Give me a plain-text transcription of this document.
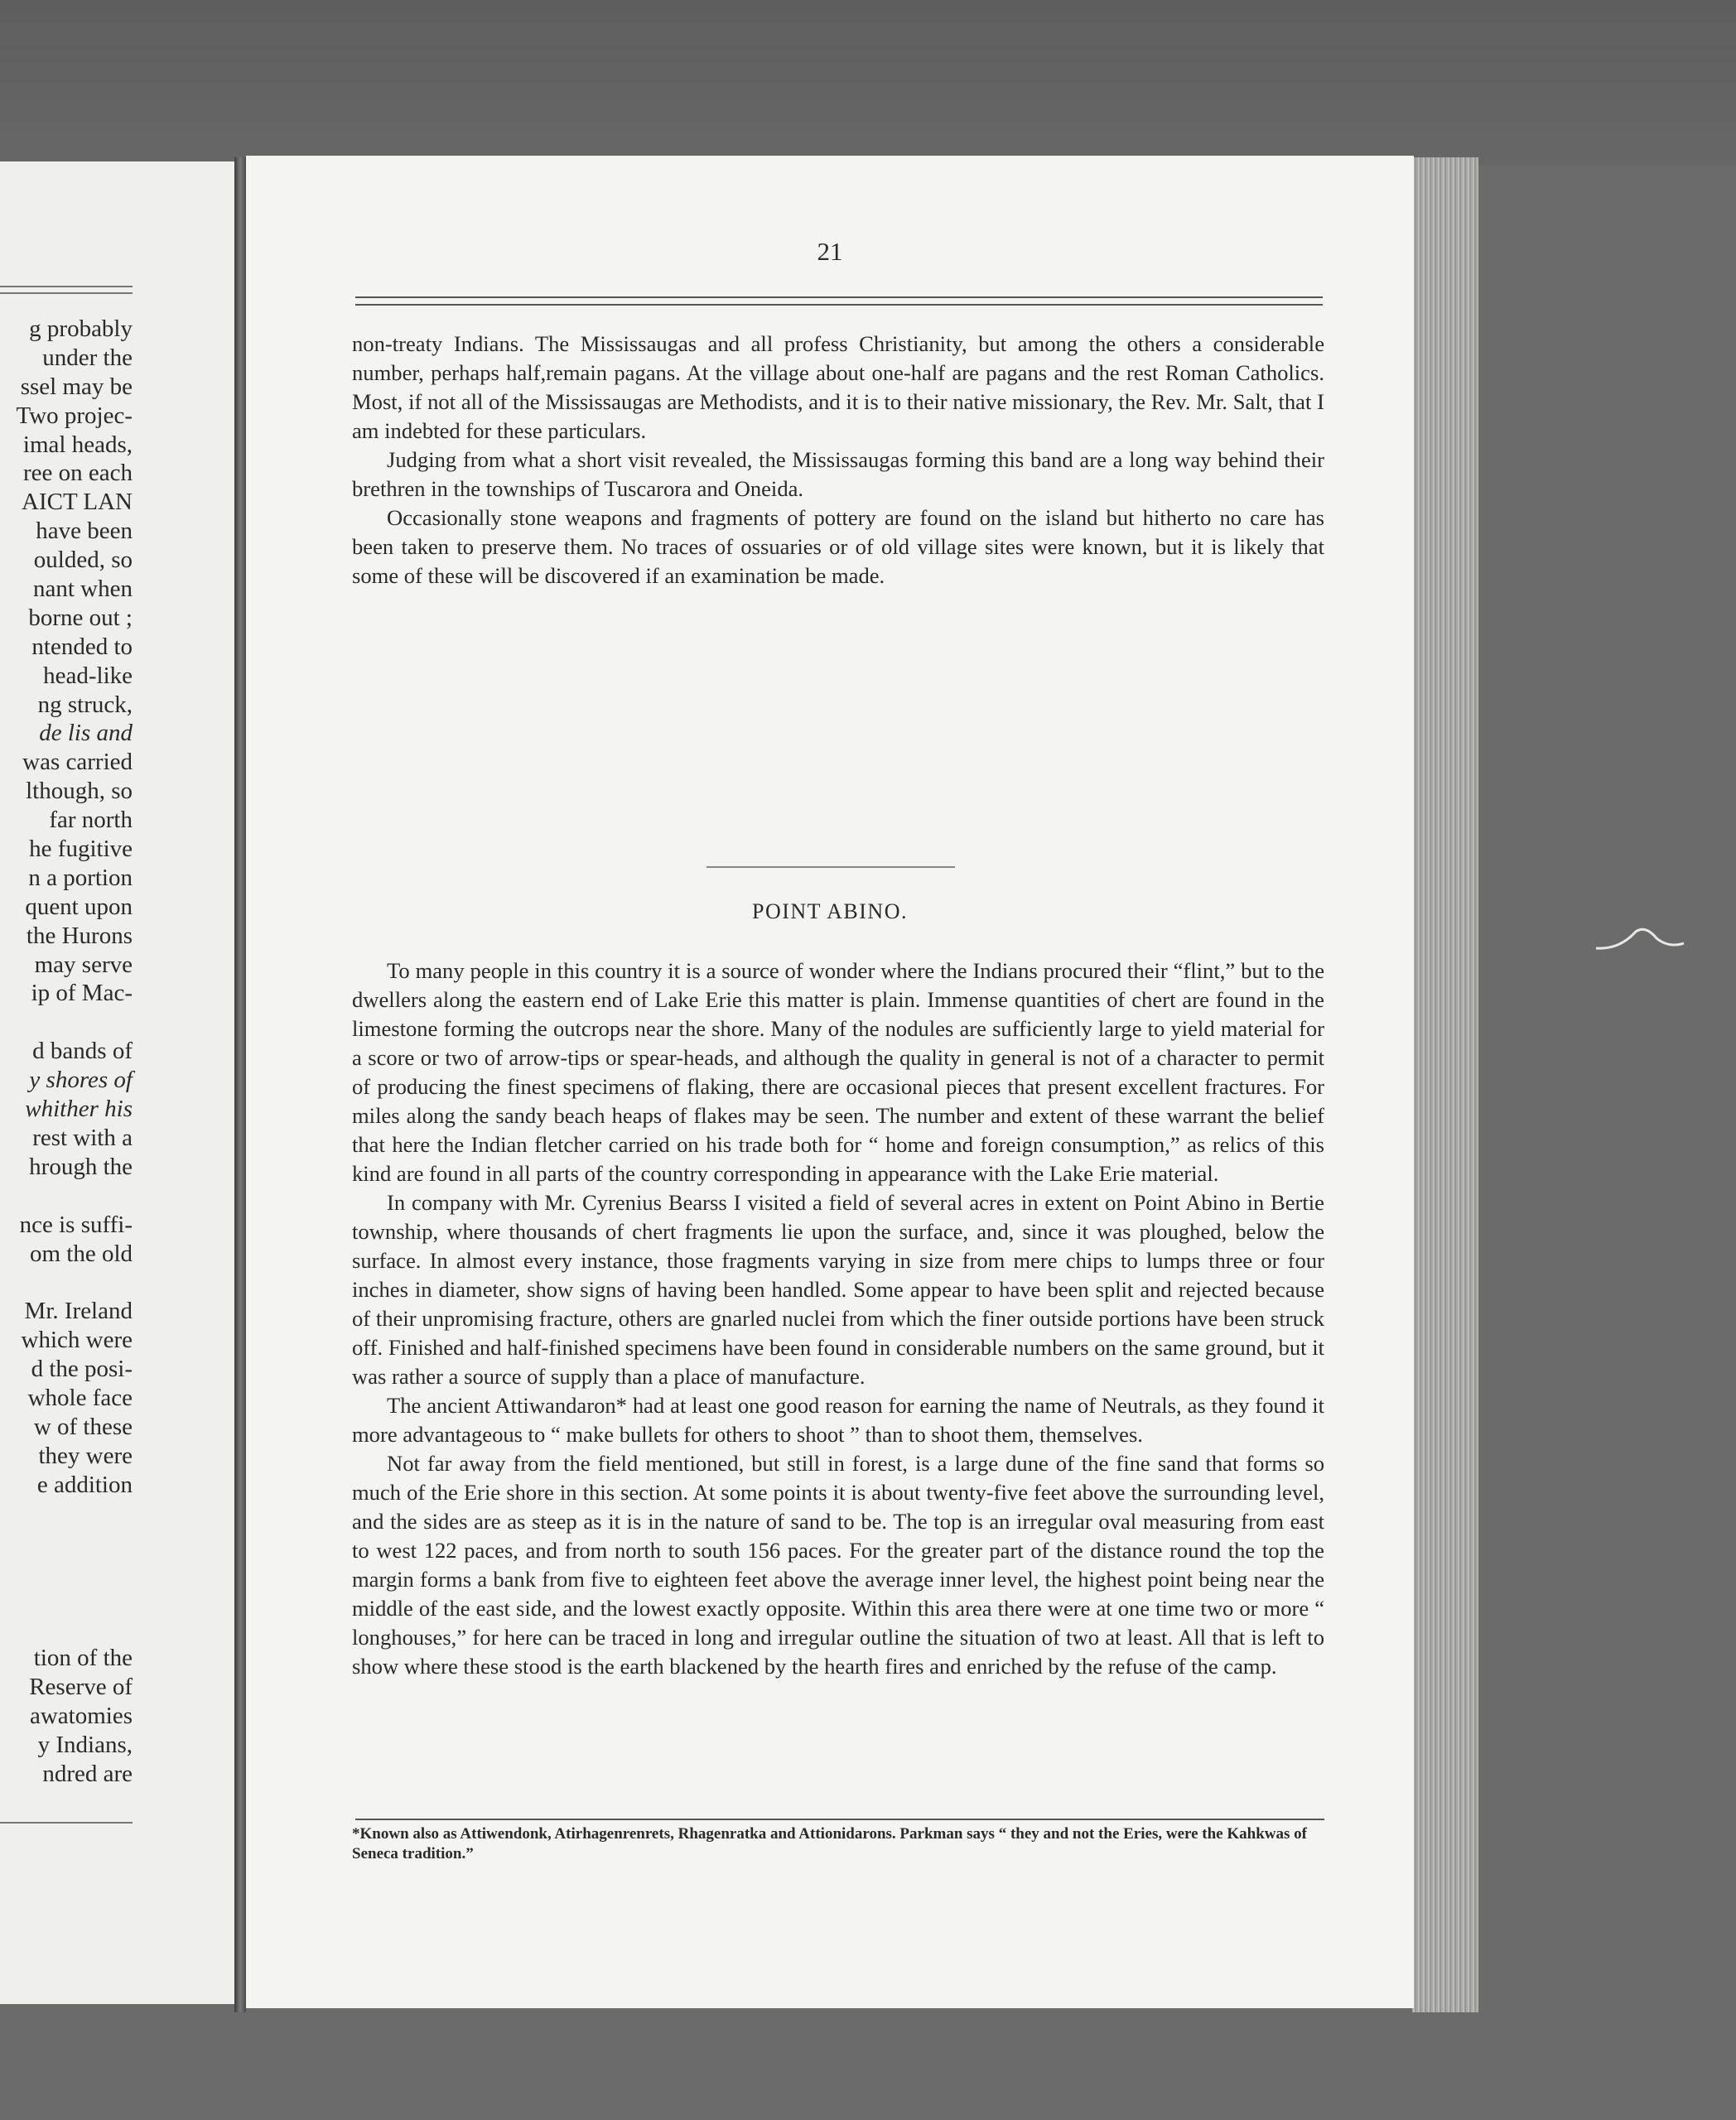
g probably
under the
ssel may be
Two projec-
imal heads,
ree on each
AICT LAN
have been
oulded, so
nant when
borne out ;
ntended to
head-like
ng struck,
de lis and
was carried
lthough, so
far north
he fugitive
n a portion
quent upon
the Hurons
may serve
ip of Mac-
d bands of
y shores of
whither his
rest with a
hrough the
nce is suffi-
om the old
Mr. Ireland
which were
d the posi-
whole face
w of these
they were
e addition
tion of the
Reserve of
awatomies
y Indians,
ndred are
21

non-treaty Indians. The Mississaugas and all profess Christianity, but among the others a considerable number, perhaps half,remain pagans. At the village about one-half are pagans and the rest Roman Catholics. Most, if not all of the Mississaugas are Methodists, and it is to their native missionary, the Rev. Mr. Salt, that I am indebted for these particulars.

Judging from what a short visit revealed, the Mississaugas forming this band are a long way behind their brethren in the townships of Tuscarora and Oneida.

Occasionally stone weapons and fragments of pottery are found on the island but hitherto no care has been taken to preserve them. No traces of ossuaries or of old village sites were known, but it is likely that some of these will be discovered if an examination be made.

POINT ABINO.

To many people in this country it is a source of wonder where the Indians procured their “flint,” but to the dwellers along the eastern end of Lake Erie this matter is plain. Immense quantities of chert are found in the limestone forming the outcrops near the shore. Many of the nodules are sufficiently large to yield material for a score or two of arrow-tips or spear-heads, and although the quality in general is not of a character to permit of producing the finest specimens of flaking, there are occasional pieces that present excellent fractures. For miles along the sandy beach heaps of flakes may be seen. The number and extent of these warrant the belief that here the Indian fletcher carried on his trade both for “ home and foreign consumption,” as relics of this kind are found in all parts of the country corresponding in appearance with the Lake Erie material.

In company with Mr. Cyrenius Bearss I visited a field of several acres in extent on Point Abino in Bertie township, where thousands of chert fragments lie upon the surface, and, since it was ploughed, below the surface. In almost every instance, those fragments varying in size from mere chips to lumps three or four inches in diameter, show signs of having been handled. Some appear to have been split and rejected because of their unpromising fracture, others are gnarled nuclei from which the finer outside portions have been struck off. Finished and half-finished specimens have been found in considerable numbers on the same ground, but it was rather a source of supply than a place of manufacture.

The ancient Attiwandaron* had at least one good reason for earning the name of Neutrals, as they found it more advantageous to “ make bullets for others to shoot ” than to shoot them, themselves.

Not far away from the field mentioned, but still in forest, is a large dune of the fine sand that forms so much of the Erie shore in this section. At some points it is about twenty-five feet above the surrounding level, and the sides are as steep as it is in the nature of sand to be. The top is an irregular oval measuring from east to west 122 paces, and from north to south 156 paces. For the greater part of the distance round the top the margin forms a bank from five to eighteen feet above the average inner level, the highest point being near the middle of the east side, and the lowest exactly opposite. Within this area there were at one time two or more “ longhouses,” for here can be traced in long and irregular outline the situation of two at least. All that is left to show where these stood is the earth blackened by the hearth fires and enriched by the refuse of the camp.

*Known also as Attiwendonk, Atirhagenrenrets, Rhagenratka and Attionidarons. Parkman says “ they and not the Eries, were the Kahkwas of Seneca tradition.”
